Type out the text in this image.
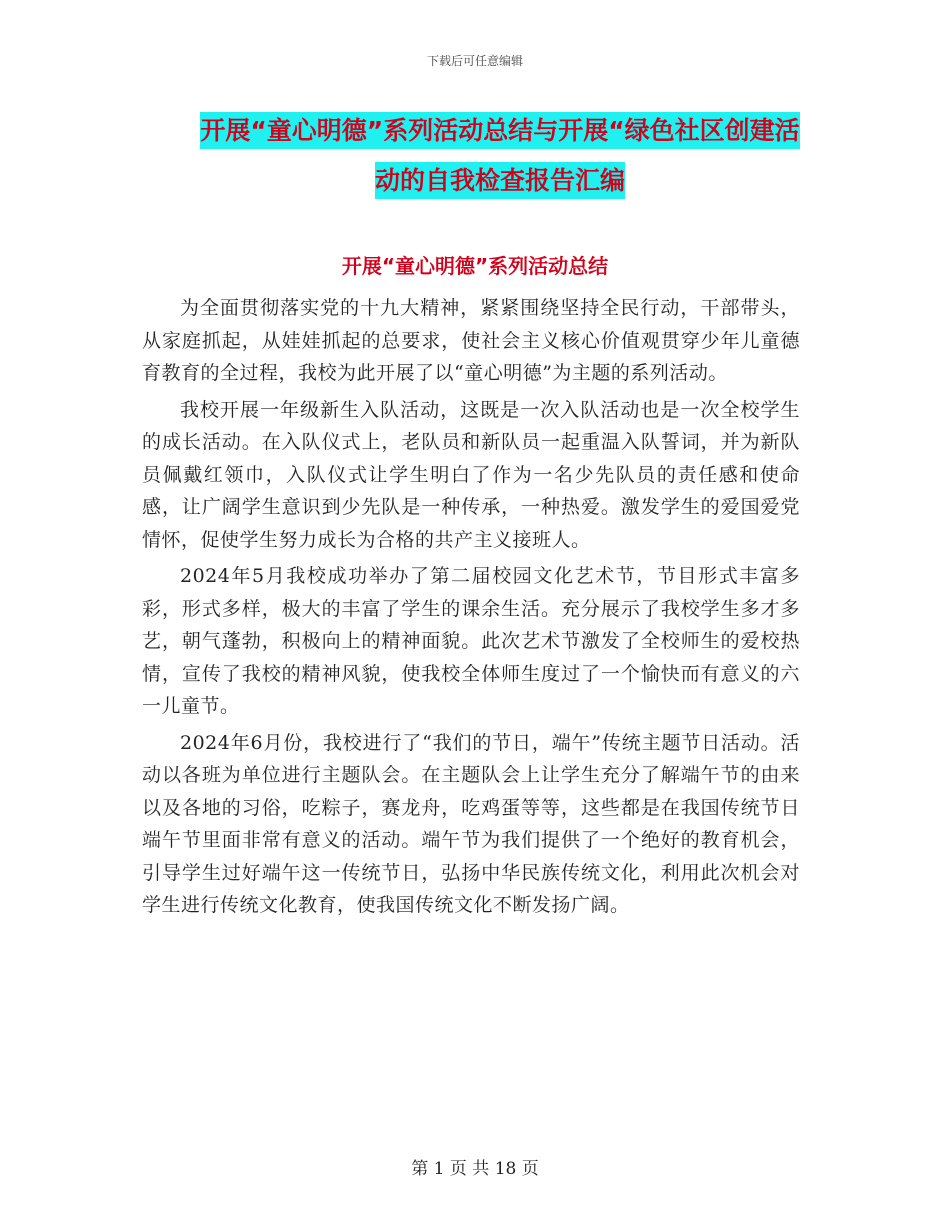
下载后可任意编辑
开展“童心明德”系列活动总结与开展“绿色社区创建活动的自我检查报告汇编
开展“童心明德”系列活动总结

为全面贯彻落实党的十九大精神，紧紧围绕坚持全民行动，干部带头，从家庭抓起，从娃娃抓起的总要求，使社会主义核心价值观贯穿少年儿童德育教育的全过程，我校为此开展了以“童心明德”为主题的系列活动。

我校开展一年级新生入队活动，这既是一次入队活动也是一次全校学生的成长活动。在入队仪式上，老队员和新队员一起重温入队誓词，并为新队员佩戴红领巾，入队仪式让学生明白了作为一名少先队员的责任感和使命感，让广阔学生意识到少先队是一种传承，一种热爱。激发学生的爱国爱党情怀，促使学生努力成长为合格的共产主义接班人。

2024年5月我校成功举办了第二届校园文化艺术节，节目形式丰富多彩，形式多样，极大的丰富了学生的课余生活。充分展示了我校学生多才多艺，朝气蓬勃，积极向上的精神面貌。此次艺术节激发了全校师生的爱校热情，宣传了我校的精神风貌，使我校全体师生度过了一个愉快而有意义的六一儿童节。

2024年6月份，我校进行了“我们的节日，端午”传统主题节日活动。活动以各班为单位进行主题队会。在主题队会上让学生充分了解端午节的由来以及各地的习俗，吃粽子，赛龙舟，吃鸡蛋等等，这些都是在我国传统节日端午节里面非常有意义的活动。端午节为我们提供了一个绝好的教育机会，引导学生过好端午这一传统节日，弘扬中华民族传统文化，利用此次机会对学生进行传统文化教育，使我国传统文化不断发扬广阔。

第 1 页 共 18 页
